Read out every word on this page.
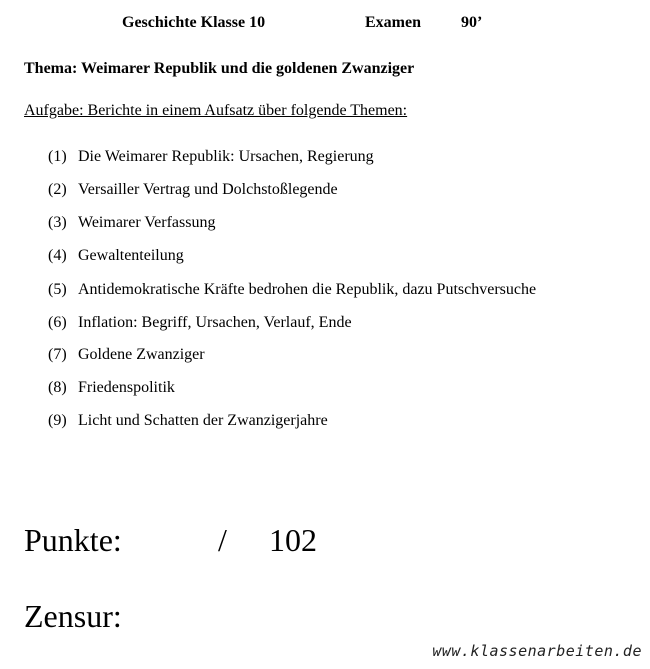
Geschichte Klasse 10	Examen	90’
Thema: Weimarer Republik und die goldenen Zwanziger
Aufgabe: Berichte in einem Aufsatz über folgende Themen:
(1) Die Weimarer Republik: Ursachen, Regierung
(2) Versailler Vertrag und Dolchstoßlegende
(3) Weimarer Verfassung
(4) Gewaltenteilung
(5) Antidemokratische Kräfte bedrohen die Republik, dazu Putschversuche
(6) Inflation: Begriff, Ursachen, Verlauf, Ende
(7) Goldene Zwanziger
(8) Friedenspolitik
(9) Licht und Schatten der Zwanzigerjahre
Punkte:	/ 102
Zensur:
www.klassenarbeiten.de
